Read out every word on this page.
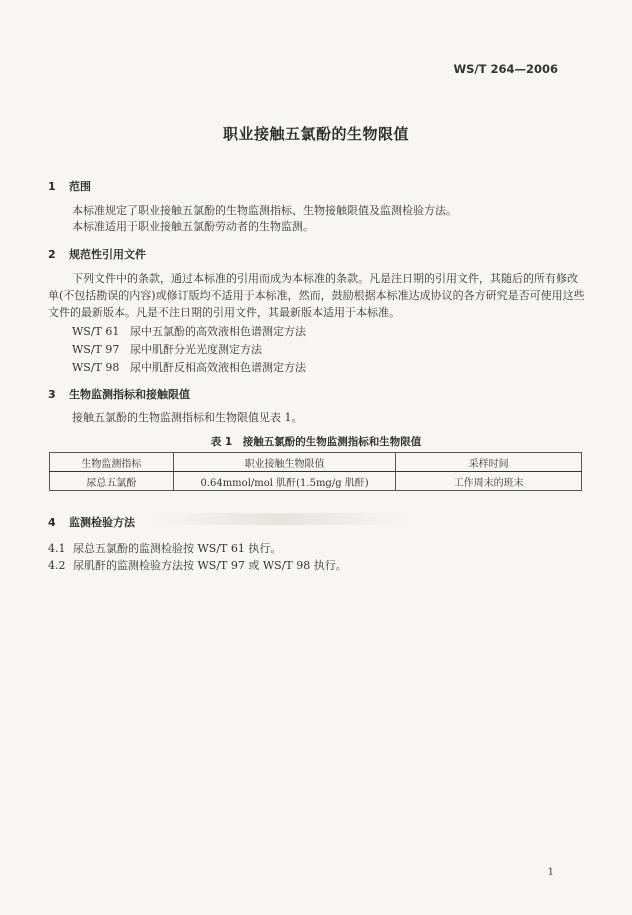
WS/T 264—2006
职业接触五氯酚的生物限值
1 范围
本标准规定了职业接触五氯酚的生物监测指标、生物接触限值及监测检验方法。
本标准适用于职业接触五氯酚劳动者的生物监测。
2 规范性引用文件
下列文件中的条款，通过本标准的引用而成为本标准的条款。凡是注日期的引用文件，其随后的所有修改单(不包括勘误的内容)或修订版均不适用于本标准，然而，鼓励根据本标准达成协议的各方研究是否可使用这些文件的最新版本。凡是不注日期的引用文件，其最新版本适用于本标准。
WS/T 61 尿中五氯酚的高效液相色谱测定方法
WS/T 97 尿中肌酐分光光度测定方法
WS/T 98 尿中肌酐反相高效液相色谱测定方法
3 生物监测指标和接触限值
接触五氯酚的生物监测指标和生物限值见表 1。
表 1　接触五氯酚的生物监测指标和生物限值
生物监测指标	职业接触生物限值	采样时间
尿总五氯酚	0.64mmol/mol 肌酐(1.5mg/g 肌酐)	工作周末的班末
4 监测检验方法
4.1 尿总五氯酚的监测检验按 WS/T 61 执行。
4.2 尿肌酐的监测检验方法按 WS/T 97 或 WS/T 98 执行。
1
